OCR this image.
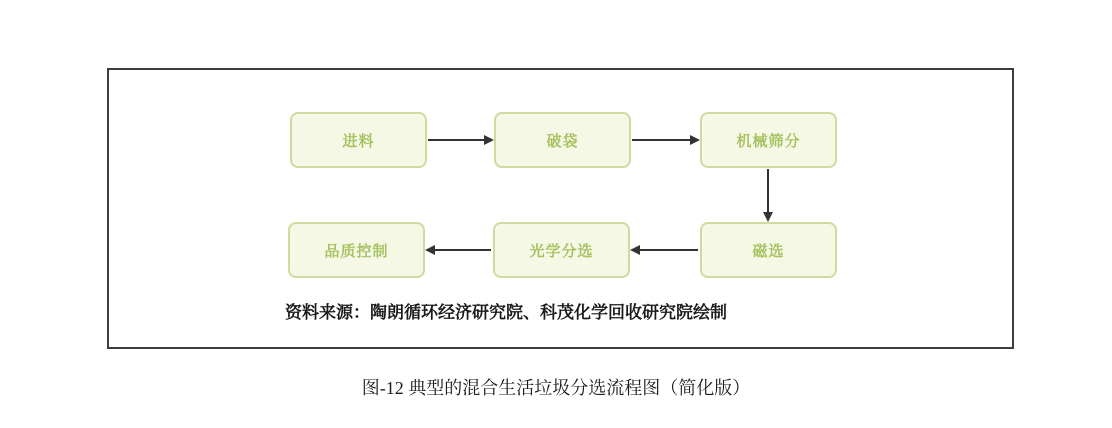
进料	破袋	机械筛分
品质控制	光学分选	磁选
资料来源：陶朗循环经济研究院、科茂化学回收研究院绘制
图-12 典型的混合生活垃圾分选流程图（简化版）
